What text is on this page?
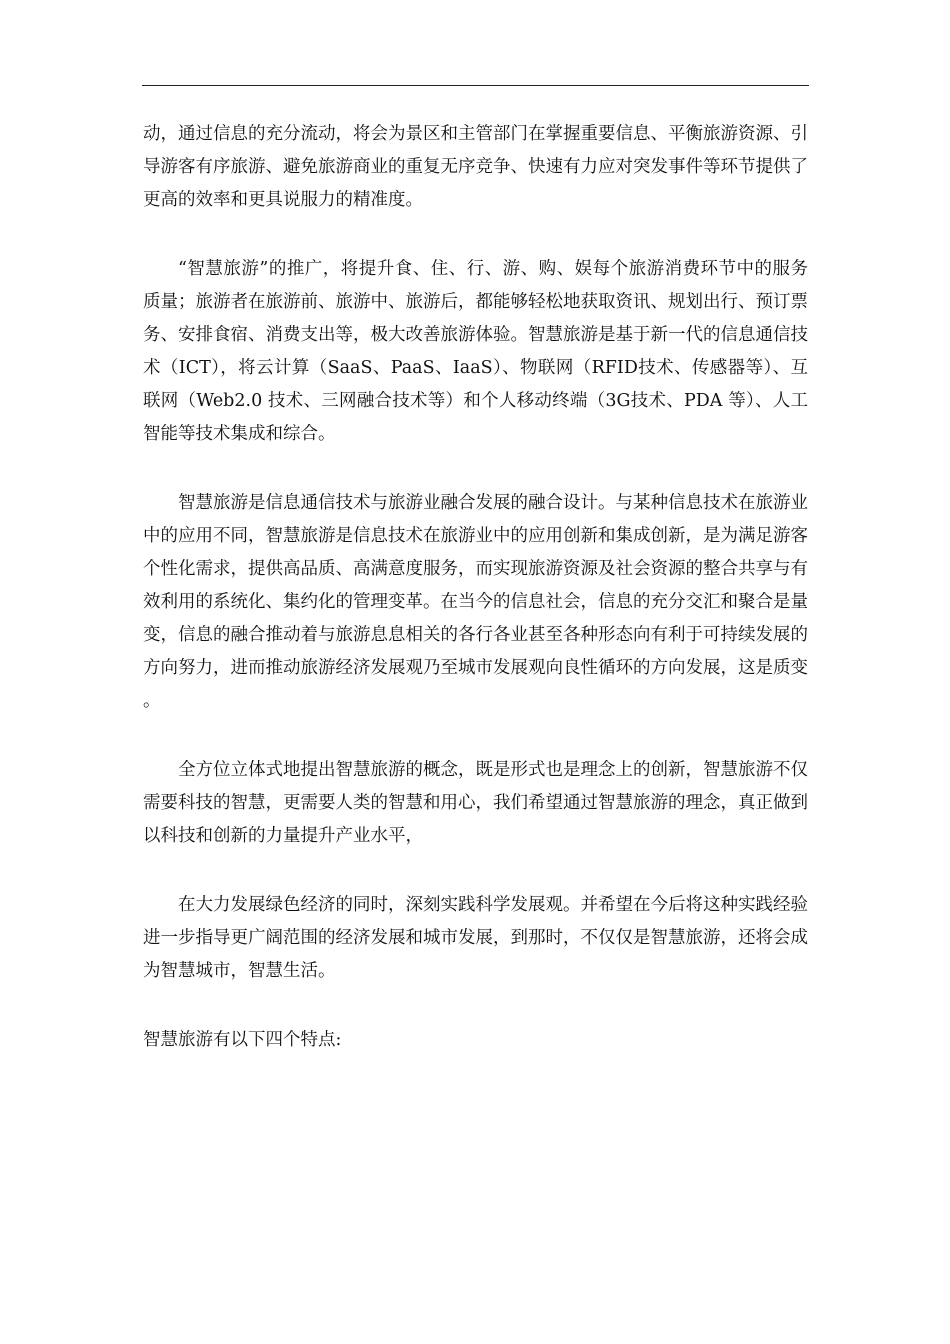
动，通过信息的充分流动，将会为景区和主管部门在掌握重要信息、平衡旅游资源、引导游客有序旅游、避免旅游商业的重复无序竞争、快速有力应对突发事件等环节提供了更高的效率和更具说服力的精准度。

“智慧旅游”的推广，将提升食、住、行、游、购、娱每个旅游消费环节中的服务质量；旅游者在旅游前、旅游中、旅游后，都能够轻松地获取资讯、规划出行、预订票务、安排食宿、消费支出等，极大改善旅游体验。智慧旅游是基于新一代的信息通信技术（ICT），将云计算（SaaS、PaaS、IaaS）、物联网（RFID技术、传感器等）、互联网（Web2.0 技术、三网融合技术等）和个人移动终端（3G技术、PDA 等）、人工智能等技术集成和综合。

智慧旅游是信息通信技术与旅游业融合发展的融合设计。与某种信息技术在旅游业中的应用不同，智慧旅游是信息技术在旅游业中的应用创新和集成创新，是为满足游客个性化需求，提供高品质、高满意度服务，而实现旅游资源及社会资源的整合共享与有效利用的系统化、集约化的管理变革。在当今的信息社会，信息的充分交汇和聚合是量变，信息的融合推动着与旅游息息相关的各行各业甚至各种形态向有利于可持续发展的方向努力，进而推动旅游经济发展观乃至城市发展观向良性循环的方向发展，这是质变。

全方位立体式地提出智慧旅游的概念，既是形式也是理念上的创新，智慧旅游不仅需要科技的智慧，更需要人类的智慧和用心，我们希望通过智慧旅游的理念，真正做到以科技和创新的力量提升产业水平，

在大力发展绿色经济的同时，深刻实践科学发展观。并希望在今后将这种实践经验进一步指导更广阔范围的经济发展和城市发展，到那时，不仅仅是智慧旅游，还将会成为智慧城市，智慧生活。

智慧旅游有以下四个特点:
